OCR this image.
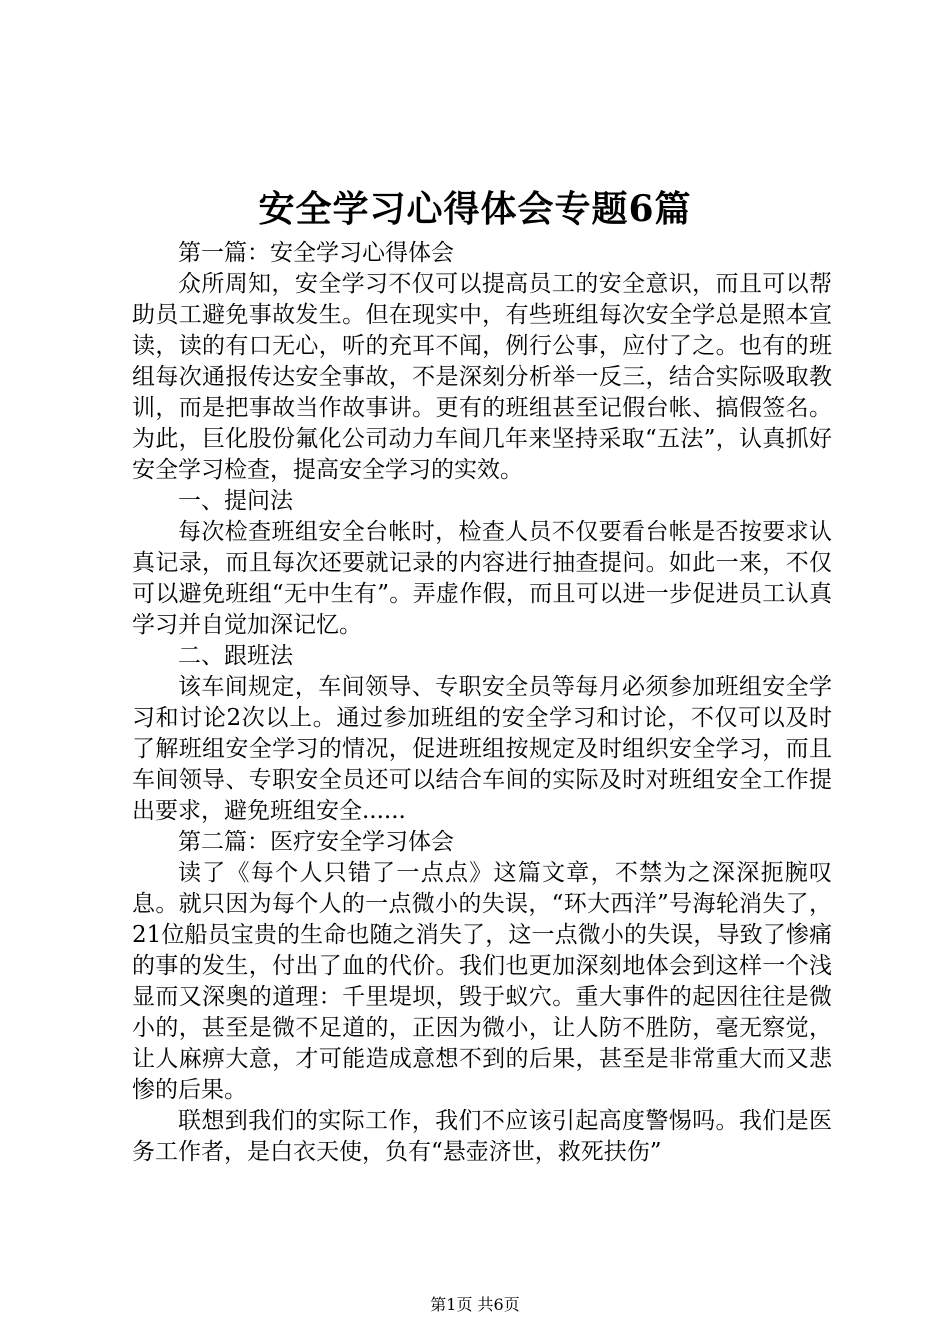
安全学习心得体会专题6篇

第一篇：安全学习心得体会

众所周知，安全学习不仅可以提高员工的安全意识，而且可以帮助员工避免事故发生。但在现实中，有些班组每次安全学总是照本宣读，读的有口无心，听的充耳不闻，例行公事，应付了之。也有的班组每次通报传达安全事故，不是深刻分析举一反三，结合实际吸取教训，而是把事故当作故事讲。更有的班组甚至记假台帐、搞假签名。为此，巨化股份氟化公司动力车间几年来坚持采取“五法”，认真抓好安全学习检查，提高安全学习的实效。

一、提问法

每次检查班组安全台帐时，检查人员不仅要看台帐是否按要求认真记录，而且每次还要就记录的内容进行抽查提问。如此一来，不仅可以避免班组“无中生有”。弄虚作假，而且可以进一步促进员工认真学习并自觉加深记忆。

二、跟班法

该车间规定，车间领导、专职安全员等每月必须参加班组安全学习和讨论2次以上。通过参加班组的安全学习和讨论，不仅可以及时了解班组安全学习的情况，促进班组按规定及时组织安全学习，而且车间领导、专职安全员还可以结合车间的实际及时对班组安全工作提出要求，避免班组安全......

第二篇：医疗安全学习体会

读了《每个人只错了一点点》这篇文章，不禁为之深深扼腕叹息。就只因为每个人的一点微小的失误，“环大西洋”号海轮消失了，21位船员宝贵的生命也随之消失了，这一点微小的失误，导致了惨痛的事的发生，付出了血的代价。我们也更加深刻地体会到这样一个浅显而又深奥的道理：千里堤坝，毁于蚁穴。重大事件的起因往往是微小的，甚至是微不足道的，正因为微小，让人防不胜防，毫无察觉，让人麻痹大意，才可能造成意想不到的后果，甚至是非常重大而又悲惨的后果。

联想到我们的实际工作，我们不应该引起高度警惕吗。我们是医务工作者，是白衣天使，负有“悬壶济世，救死扶伤”

第1页 共6页
